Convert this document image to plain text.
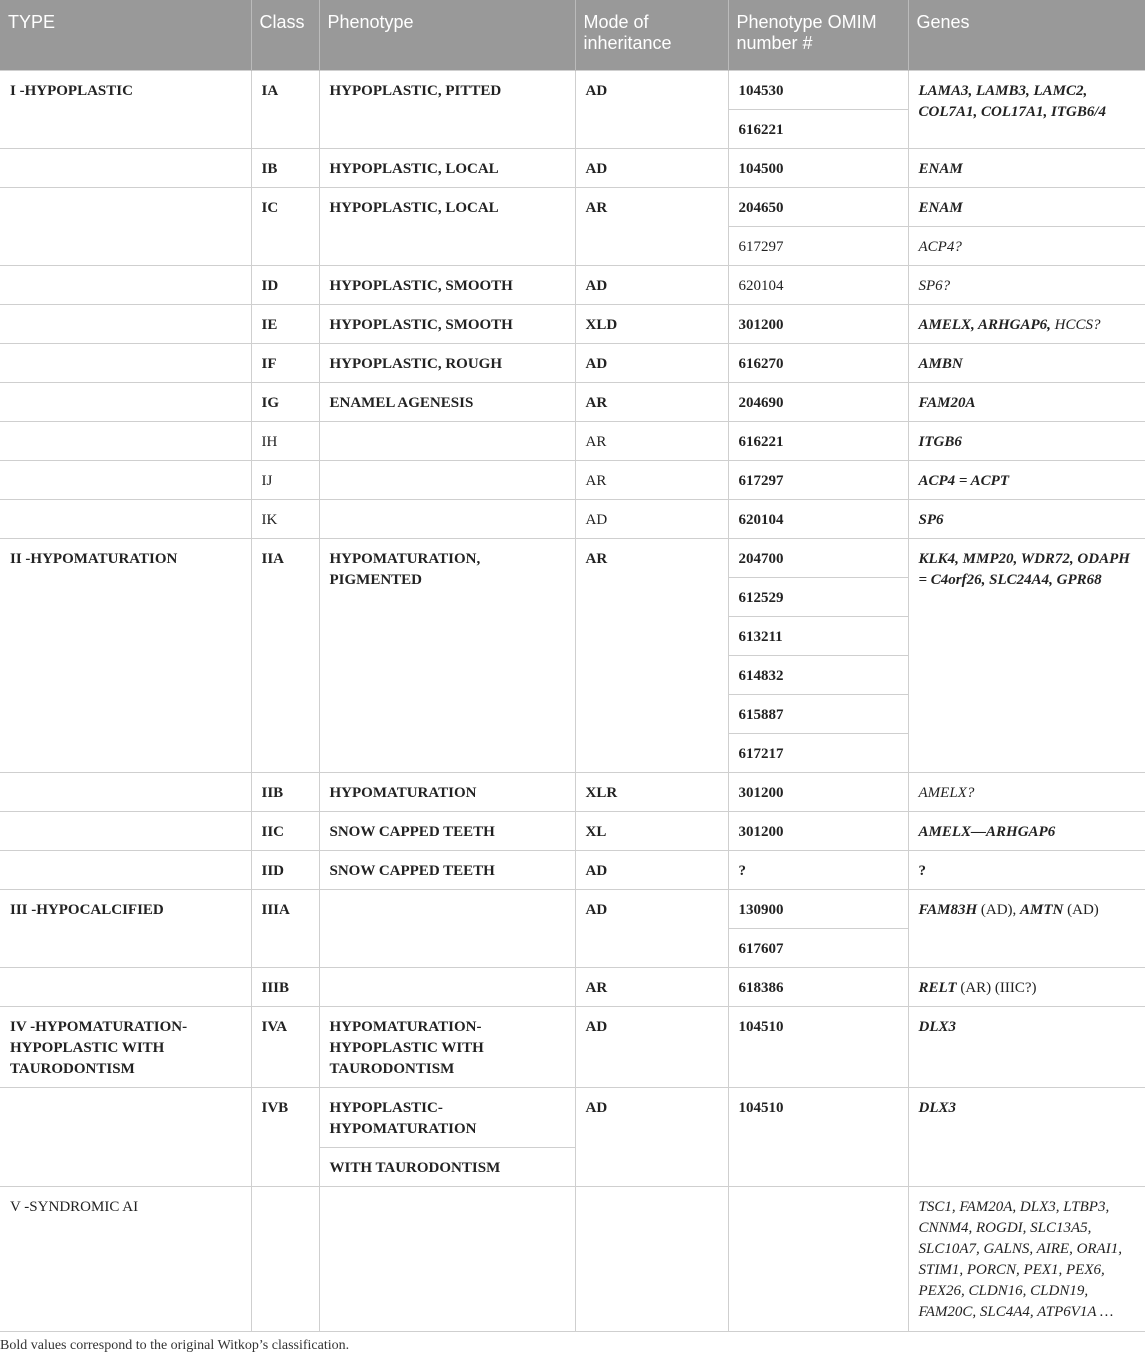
TYPE	Class	Phenotype	Mode of inheritance	Phenotype OMIM number #	Genes
I -HYPOPLASTIC	IA	HYPOPLASTIC, PITTED	AD	104530	LAMA3, LAMB3, LAMC2, COL7A1, COL17A1, ITGB6/4
				616221	
	IB	HYPOPLASTIC, LOCAL	AD	104500	ENAM
	IC	HYPOPLASTIC, LOCAL	AR	204650	ENAM
				617297	ACP4?
	ID	HYPOPLASTIC, SMOOTH	AD	620104	SP6?
	IE	HYPOPLASTIC, SMOOTH	XLD	301200	AMELX, ARHGAP6, HCCS?
	IF	HYPOPLASTIC, ROUGH	AD	616270	AMBN
	IG	ENAMEL AGENESIS	AR	204690	FAM20A
	IH		AR	616221	ITGB6
	IJ		AR	617297	ACP4 = ACPT
	IK		AD	620104	SP6
II -HYPOMATURATION	IIA	HYPOMATURATION, PIGMENTED	AR	204700	KLK4, MMP20, WDR72, ODAPH = C4orf26, SLC24A4, GPR68
				612529	
				613211	
				614832	
				615887	
				617217	
	IIB	HYPOMATURATION	XLR	301200	AMELX?
	IIC	SNOW CAPPED TEETH	XL	301200	AMELX—ARHGAP6
	IID	SNOW CAPPED TEETH	AD	?	?
III -HYPOCALCIFIED	IIIA		AD	130900	FAM83H (AD), AMTN (AD)
				617607	
	IIIB		AR	618386	RELT (AR) (IIIC?)
IV -HYPOMATURATION-HYPOPLASTIC WITH TAURODONTISM	IVA	HYPOMATURATION-HYPOPLASTIC WITH TAURODONTISM	AD	104510	DLX3
	IVB	HYPOPLASTIC-HYPOMATURATION	AD	104510	DLX3
		WITH TAURODONTISM			
V -SYNDROMIC AI					TSC1, FAM20A, DLX3, LTBP3, CNNM4, ROGDI, SLC13A5, SLC10A7, GALNS, AIRE, ORAI1, STIM1, PORCN, PEX1, PEX6, PEX26, CLDN16, CLDN19, FAM20C, SLC4A4, ATP6V1A …
Bold values correspond to the original Witkop’s classification.
